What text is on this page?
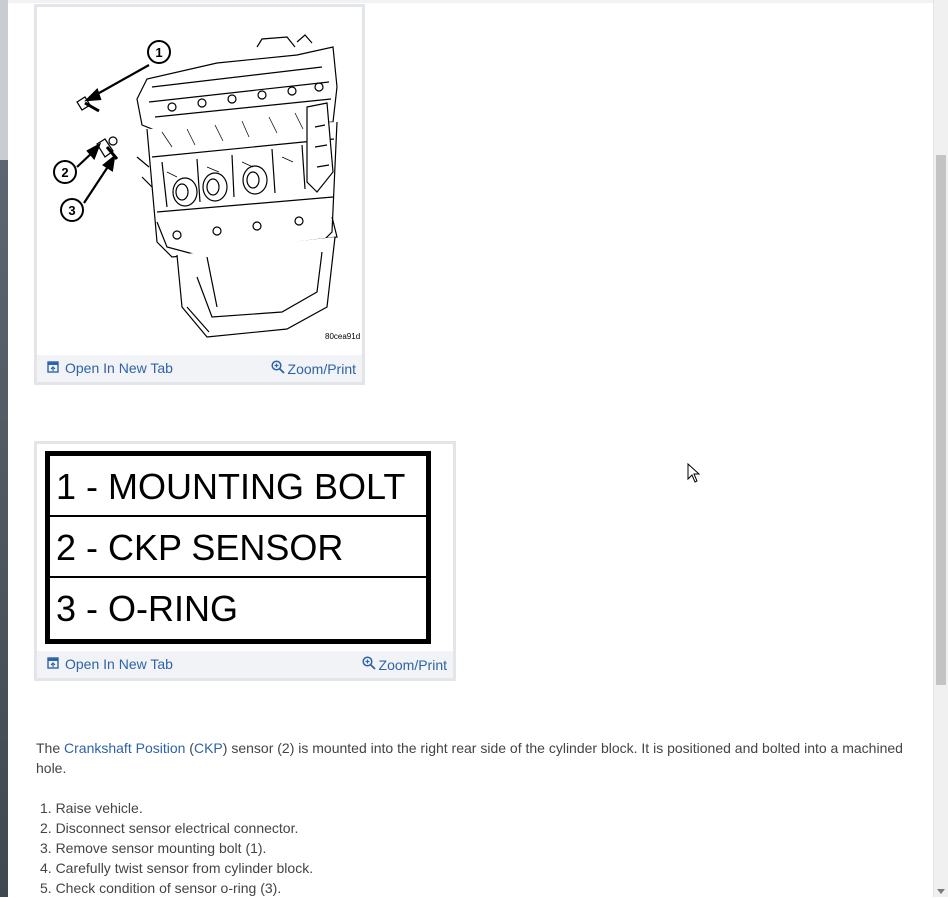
1
2
3
80cea91d
Open In New Tab	Zoom/Print
1 - MOUNTING BOLT
2 - CKP SENSOR
3 - O-RING
Open In New Tab	Zoom/Print
The Crankshaft Position (CKP) sensor (2) is mounted into the right rear side of the cylinder block. It is positioned and bolted into a machined hole.
1. Raise vehicle.
2. Disconnect sensor electrical connector.
3. Remove sensor mounting bolt (1).
4. Carefully twist sensor from cylinder block.
5. Check condition of sensor o-ring (3).
